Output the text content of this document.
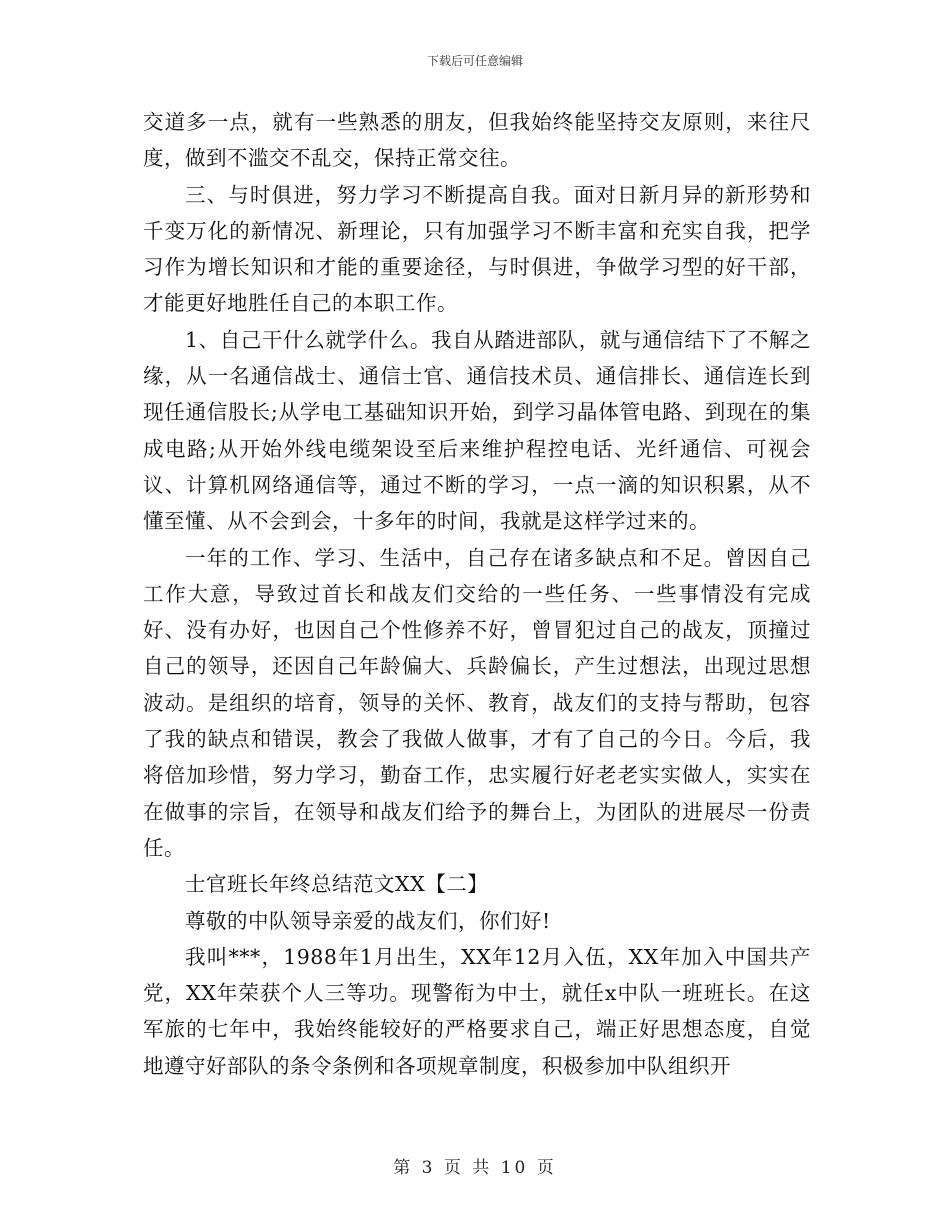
下载后可任意编辑

交道多一点，就有一些熟悉的朋友，但我始终能坚持交友原则，来往尺度，做到不滥交不乱交，保持正常交往。

三、与时俱进，努力学习不断提高自我。面对日新月异的新形势和千变万化的新情况、新理论，只有加强学习不断丰富和充实自我，把学习作为增长知识和才能的重要途径，与时俱进，争做学习型的好干部，才能更好地胜任自己的本职工作。

1、自己干什么就学什么。我自从踏进部队，就与通信结下了不解之缘，从一名通信战士、通信士官、通信技术员、通信排长、通信连长到现任通信股长;从学电工基础知识开始，到学习晶体管电路、到现在的集成电路;从开始外线电缆架设至后来维护程控电话、光纤通信、可视会议、计算机网络通信等，通过不断的学习，一点一滴的知识积累，从不懂至懂、从不会到会，十多年的时间，我就是这样学过来的。

一年的工作、学习、生活中，自己存在诸多缺点和不足。曾因自己工作大意，导致过首长和战友们交给的一些任务、一些事情没有完成好、没有办好，也因自己个性修养不好，曾冒犯过自己的战友，顶撞过自己的领导，还因自己年龄偏大、兵龄偏长，产生过想法，出现过思想波动。是组织的培育，领导的关怀、教育，战友们的支持与帮助，包容了我的缺点和错误，教会了我做人做事，才有了自己的今日。今后，我将倍加珍惜，努力学习，勤奋工作，忠实履行好老老实实做人，实实在在做事的宗旨，在领导和战友们给予的舞台上，为团队的进展尽一份责任。

士官班长年终总结范文XX【二】

尊敬的中队领导亲爱的战友们，你们好!

我叫***，1988年1月出生，XX年12月入伍，XX年加入中国共产党，XX年荣获个人三等功。现警衔为中士，就任x中队一班班长。在这军旅的七年中，我始终能较好的严格要求自己，端正好思想态度，自觉地遵守好部队的条令条例和各项规章制度，积极参加中队组织开

第 3 页 共 10 页
